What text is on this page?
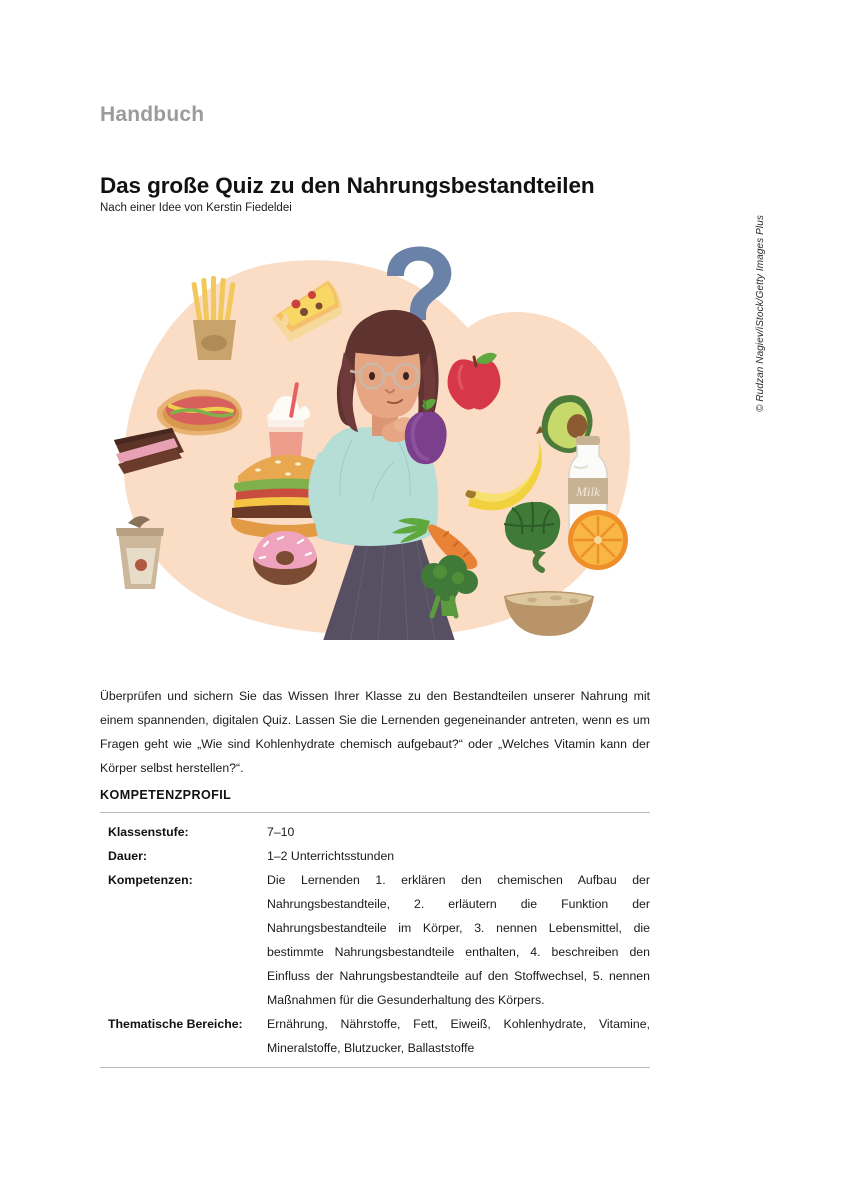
Handbuch
Das große Quiz zu den Nahrungsbestandteilen
Nach einer Idee von Kerstin Fiedeldei
Milk
© Rudzan Nagiev/iStock/Getty Images Plus

Überprüfen und sichern Sie das Wissen Ihrer Klasse zu den Bestandteilen unserer Nahrung mit einem spannenden, digitalen Quiz. Lassen Sie die Lernenden gegeneinander antreten, wenn es um Fragen geht wie „Wie sind Kohlenhydrate chemisch aufgebaut?“ oder „Welches Vitamin kann der Körper selbst herstellen?“.

KOMPETENZPROFIL
Klassenstufe:	7–10
Dauer:	1–2 Unterrichtsstunden
Kompetenzen:	Die Lernenden 1. erklären den chemischen Aufbau der Nahrungsbestandteile, 2. erläutern die Funktion der Nahrungsbestandteile im Körper, 3. nennen Lebensmittel, die bestimmte Nahrungsbestandteile enthalten, 4. beschreiben den Einfluss der Nahrungsbestandteile auf den Stoffwechsel, 5. nennen Maßnahmen für die Gesunderhaltung des Körpers.
Thematische Bereiche:	Ernährung, Nährstoffe, Fett, Eiweiß, Kohlenhydrate, Vitamine, Mineralstoffe, Blutzucker, Ballaststoffe
